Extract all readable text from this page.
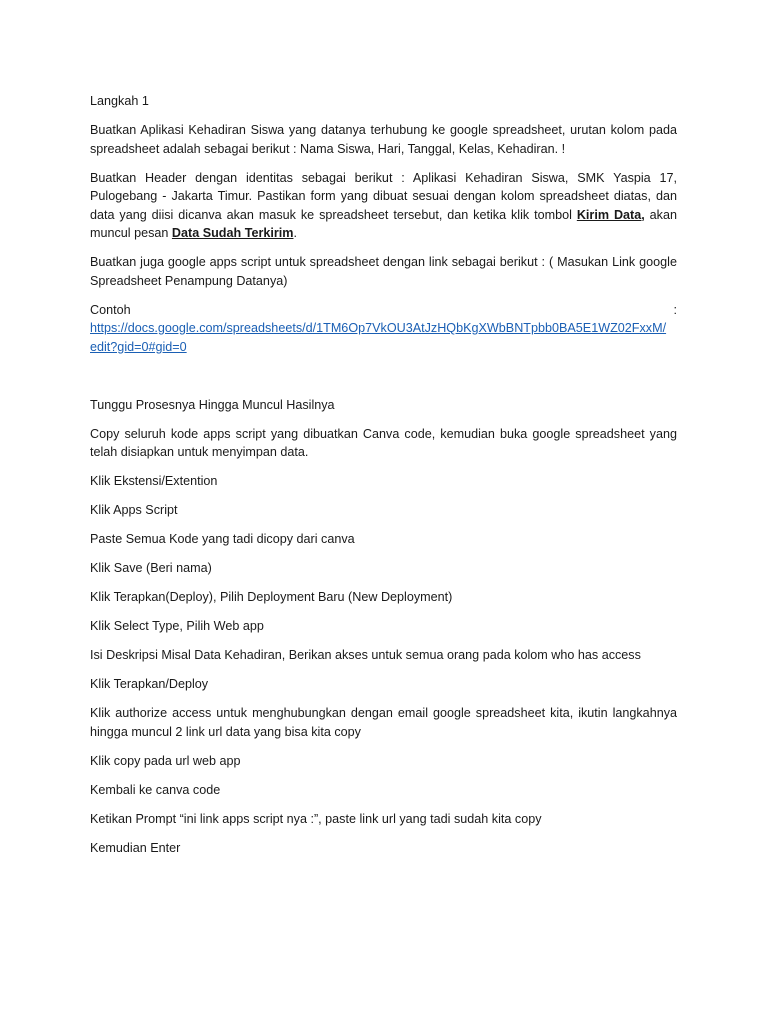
Langkah 1

Buatkan Aplikasi Kehadiran Siswa yang datanya terhubung ke google spreadsheet, urutan kolom pada spreadsheet adalah sebagai berikut : Nama Siswa, Hari, Tanggal, Kelas, Kehadiran. !

Buatkan Header dengan identitas sebagai berikut : Aplikasi Kehadiran Siswa, SMK Yaspia 17, Pulogebang - Jakarta Timur. Pastikan form yang dibuat sesuai dengan kolom spreadsheet diatas, dan data yang diisi dicanva akan masuk ke spreadsheet tersebut, dan ketika klik tombol Kirim Data, akan muncul pesan Data Sudah Terkirim.

Buatkan juga google apps script untuk spreadsheet dengan link sebagai berikut : ( Masukan Link google Spreadsheet Penampung Datanya)

Contoh	:
https://docs.google.com/spreadsheets/d/1TM6Op7VkOU3AtJzHQbKgXWbBNTpbb0BA5E1WZ02FxxM/
edit?gid=0#gid=0

Tunggu Prosesnya Hingga Muncul Hasilnya

Copy seluruh kode apps script yang dibuatkan Canva code, kemudian buka google spreadsheet yang telah disiapkan untuk menyimpan data.

Klik Ekstensi/Extention

Klik Apps Script

Paste Semua Kode yang tadi dicopy dari canva

Klik Save (Beri nama)

Klik Terapkan(Deploy), Pilih Deployment Baru (New Deployment)

Klik Select Type, Pilih Web app

Isi Deskripsi Misal Data Kehadiran, Berikan akses untuk semua orang pada kolom who has access

Klik Terapkan/Deploy

Klik authorize access untuk menghubungkan dengan email google spreadsheet kita, ikutin langkahnya hingga muncul 2 link url data yang bisa kita copy

Klik copy pada url web app

Kembali ke canva code

Ketikan Prompt “ini link apps script nya :”, paste link url yang tadi sudah kita copy

Kemudian Enter
